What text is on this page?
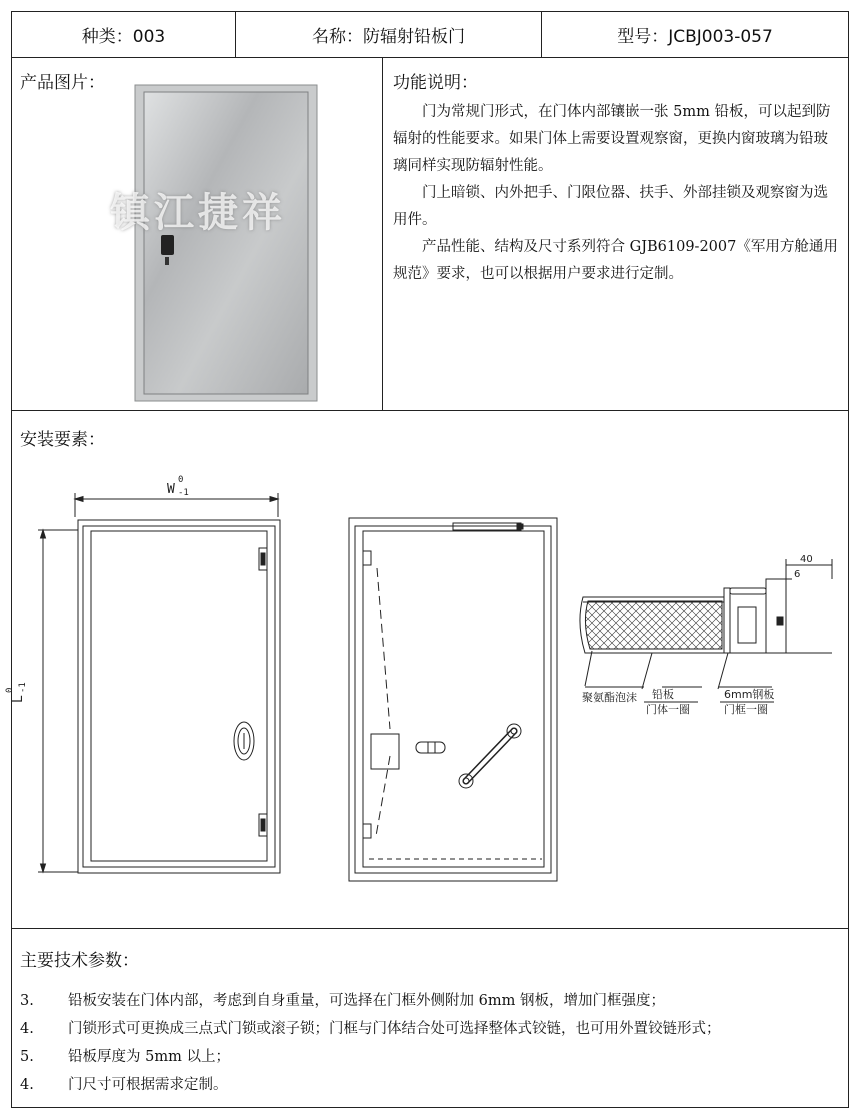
种类：003	名称：防辐射铅板门	型号：JCBJ003-057
产品图片：
镇江捷祥
功能说明：

门为常规门形式，在门体内部镶嵌一张 5mm 铅板，可以起到防辐射的性能要求。如果门体上需要设置观察窗，更换内窗玻璃为铅玻璃同样实现防辐射性能。

门上暗锁、内外把手、门限位器、扶手、外部挂锁及观察窗为选用件。

产品性能、结构及尺寸系列符合 GJB6109-2007《军用方舱通用规范》要求，也可以根据用户要求进行定制。

安装要素：
W
0
-1
L
0 -1
40
6
聚氨酯泡沫 铅板
门体一圈
6mm钢板
门框一圈
主要技术参数：
3. 铅板安装在门体内部，考虑到自身重量，可选择在门框外侧附加 6mm 钢板，增加门框强度；
4. 门锁形式可更换成三点式门锁或滚子锁；门框与门体结合处可选择整体式铰链，也可用外置铰链形式；
5. 铅板厚度为 5mm 以上；
4. 门尺寸可根据需求定制。
